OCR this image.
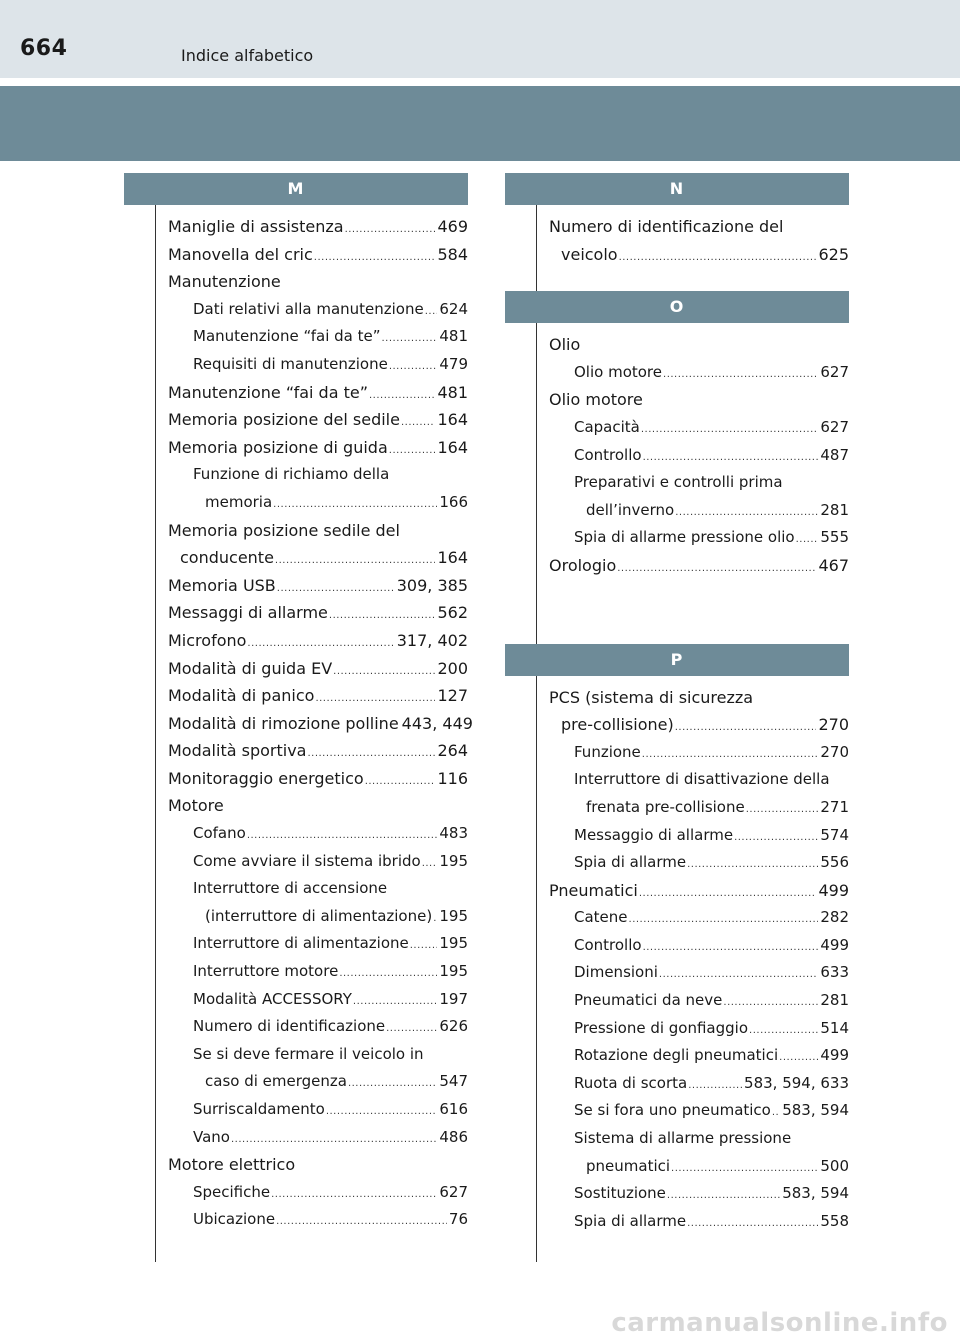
664	Indice alfabetico
M
Maniglie di assistenza .....	469
Manovella del cric .....	584
Manutenzione
Dati relativi alla manutenzione ..... 624
Manutenzione “fai da te” .....	481
Requisiti di manutenzione .....	479
Manutenzione “fai da te” .....	481
Memoria posizione del sedile ..... 164
Memoria posizione di guida .....	164
Funzione di richiamo della
memoria .....	166
Memoria posizione sedile del
conducente .....	164
Memoria USB .....	309, 385
Messaggi di allarme .....	562
Microfono .....	317, 402
Modalità di guida EV .....	200
Modalità di panico .....	127
Modalità di rimozione polline 443, 449
Modalità sportiva .....	264
Monitoraggio energetico .....	116
Motore
Cofano .....	483
Come avviare il sistema ibrido ..... 195
Interruttore di accensione
(interruttore di alimentazione) ..... 195
Interruttore di alimentazione ..... 195
Interruttore motore .....	195
Modalità ACCESSORY .....	197
Numero di identificazione .....	626
Se si deve fermare il veicolo in
caso di emergenza .....	547
Surriscaldamento .....	616
Vano .....	486
Motore elettrico
Specifiche .....	627
Ubicazione .....	76
N
Numero di identificazione del
veicolo .....	625
O
Olio
Olio motore .....	627
Olio motore
Capacità .....	627
Controllo .....	487
Preparativi e controlli prima
dell’inverno .....	281
Spia di allarme pressione olio ..... 555
Orologio .....	467
P
PCS (sistema di sicurezza
pre-collisione) .....	270
Funzione .....	270
Interruttore di disattivazione della
frenata pre-collisione .....	271
Messaggio di allarme .....	574
Spia di allarme .....	556
Pneumatici .....	499
Catene .....	282
Controllo .....	499
Dimensioni .....	633
Pneumatici da neve .....	281
Pressione di gonfiaggio .....	514
Rotazione degli pneumatici .....	499
Ruota di scorta .....	583, 594, 633
Se si fora uno pneumatico ..... 583, 594
Sistema di allarme pressione
pneumatici .....	500
Sostituzione .....	583, 594
Spia di allarme .....	558
carmanualsonline.info
